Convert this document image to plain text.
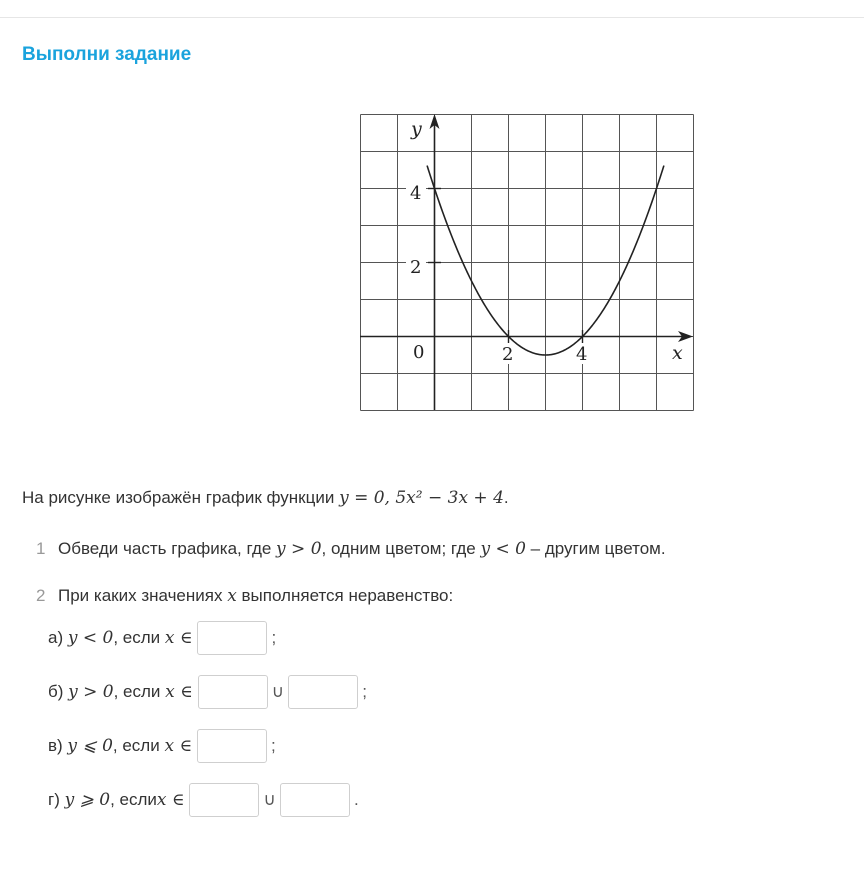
Выполни задание
y
4
2
0	2	4	x
На рисунке изображён график функции y = 0, 5x² − 3x + 4.
1 Обведи часть графика, где y > 0, одним цветом; где y < 0 – другим цветом.
2 При каких значениях x выполняется неравенство:
а) y < 0 , если x ∈	;
б) y > 0 , если x ∈	∪	;
в) y ⩽ 0 , если x ∈	;
г) y ⩾ 0 , если x ∈	∪	.
